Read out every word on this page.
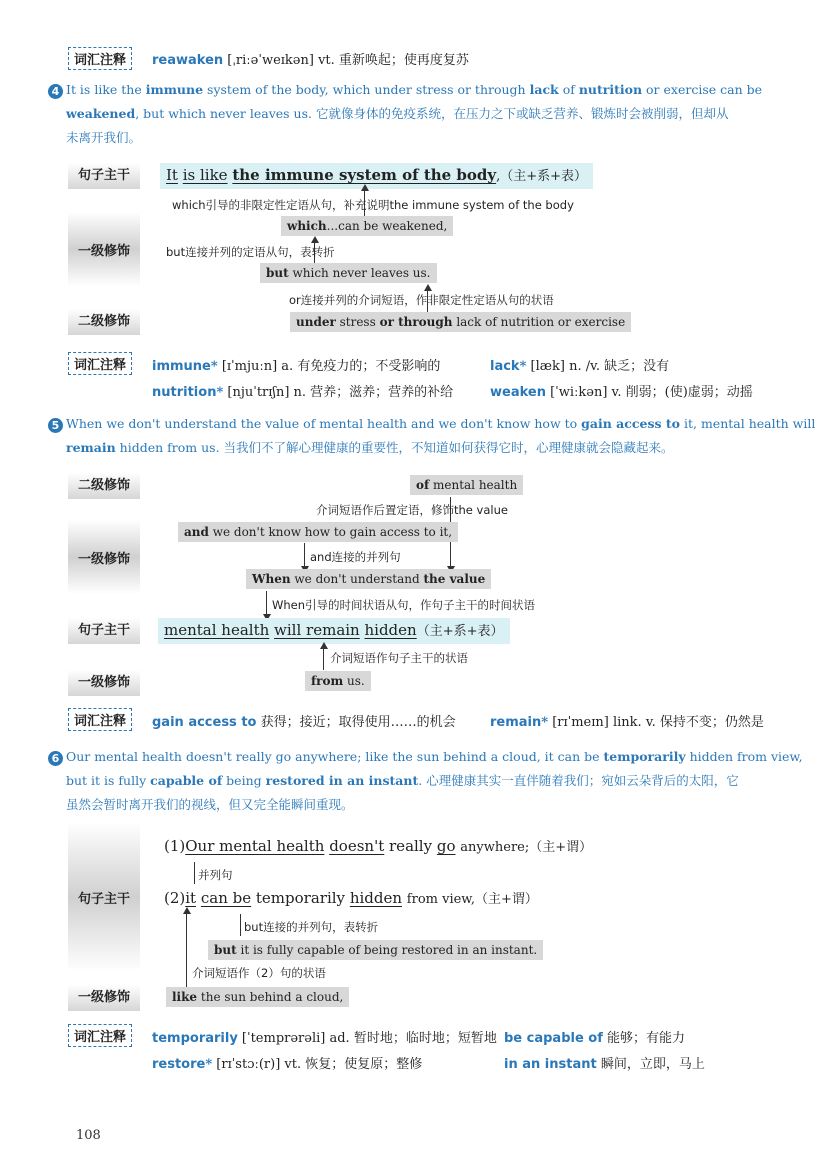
词汇注释	reawaken [ˌriːəˈweɪkən] vt. 重新唤起；使再度复苏
4 It is like the immune system of the body, which under stress or through lack of nutrition or exercise can be
weakened, but which never leaves us. 它就像身体的免疫系统，在压力之下或缺乏营养、锻炼时会被削弱，但却从
未离开我们。
句子主干	It is like the immune system of the body,（主+系+表）
which引导的非限定性定语从句，补充说明the immune system of the body
一级修饰
which...can be weakened,
but连接并列的定语从句，表转折
but which never leaves us.
or连接并列的介词短语，作非限定性定语从句的状语
二级修饰	under stress or through lack of nutrition or exercise
词汇注释	immune* [ɪˈmjuːn] a. 有免疫力的；不受影响的	lack* [læk] n. /v. 缺乏；没有
nutrition* [njuˈtrɪʃn] n. 营养；滋养；营养的补给	weaken [ˈwiːkən] v. 削弱；(使)虚弱；动摇
5 When we don't understand the value of mental health and we don't know how to gain access to it, mental health will
remain hidden from us. 当我们不了解心理健康的重要性，不知道如何获得它时，心理健康就会隐藏起来。
二级修饰	of mental health
介词短语作后置定语，修饰the value
一级修饰
and we don't know how to gain access to it,
and连接的并列句
When we don't understand the value
When引导的时间状语从句，作句子主干的时间状语
句子主干	mental health will remain hidden（主+系+表）
介词短语作句子主干的状语
一级修饰	from us.
词汇注释	gain access to 获得；接近；取得使用……的机会	remain* [rɪˈmeɪn] link. v. 保持不变；仍然是
6 Our mental health doesn't really go anywhere; like the sun behind a cloud, it can be temporarily hidden from view,
but it is fully capable of being restored in an instant. 心理健康其实一直伴随着我们；宛如云朵背后的太阳，它
虽然会暂时离开我们的视线，但又完全能瞬间重现。
句子主干
(1)Our mental health doesn't really go anywhere;（主+谓）
并列句
(2)it can be temporarily hidden from view,（主+谓）
but连接的并列句，表转折
but it is fully capable of being restored in an instant.
介词短语作（2）句的状语
一级修饰	like the sun behind a cloud,
词汇注释	temporarily [ˈtemprərəli] ad. 暂时地；临时地；短暂地 be capable of 能够；有能力
restore* [rɪˈstɔː(r)] vt. 恢复；使复原；整修	in an instant 瞬间，立即，马上
108
